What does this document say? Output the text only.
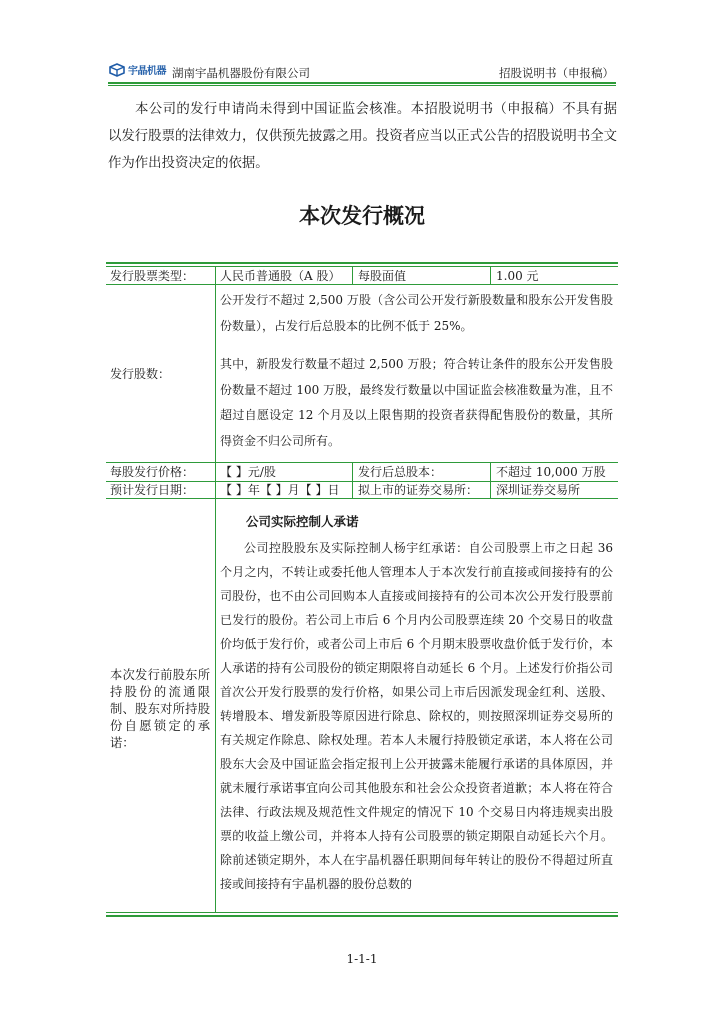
宇晶机器 湖南宇晶机器股份有限公司	招股说明书（申报稿）

本公司的发行申请尚未得到中国证监会核准。本招股说明书（申报稿）不具有据以发行股票的法律效力，仅供预先披露之用。投资者应当以正式公告的招股说明书全文作为作出投资决定的依据。

本次发行概况
发行股票类型： 人民币普通股（A 股） 每股面值	1.00 元
发行股数：

公开发行不超过 2,500 万股（含公司公开发行新股数量和股东公开发售股份数量），占发行后总股本的比例不低于 25%。

其中，新股发行数量不超过 2,500 万股；符合转让条件的股东公开发售股份数量不超过 100 万股，最终发行数量以中国证监会核准数量为准，且不超过自愿设定 12 个月及以上限售期的投资者获得配售股份的数量，其所得资金不归公司所有。

每股发行价格： 【 】元/股	发行后总股本：	不超过 10,000 万股
预计发行日期： 【 】年【 】月【 】日 拟上市的证券交易所： 深圳证券交易所
本次发行前股东所持股份的流通限制、股东对所持股份自愿锁定的承诺：
公司实际控制人承诺

公司控股股东及实际控制人杨宇红承诺：自公司股票上市之日起 36 个月之内，不转让或委托他人管理本人于本次发行前直接或间接持有的公司股份，也不由公司回购本人直接或间接持有的公司本次公开发行股票前已发行的股份。若公司上市后 6 个月内公司股票连续 20 个交易日的收盘价均低于发行价，或者公司上市后 6 个月期末股票收盘价低于发行价，本人承诺的持有公司股份的锁定期限将自动延长 6 个月。上述发行价指公司首次公开发行股票的发行价格，如果公司上市后因派发现金红利、送股、转增股本、增发新股等原因进行除息、除权的，则按照深圳证券交易所的有关规定作除息、除权处理。若本人未履行持股锁定承诺，本人将在公司股东大会及中国证监会指定报刊上公开披露未能履行承诺的具体原因，并就未履行承诺事宜向公司其他股东和社会公众投资者道歉；本人将在符合法律、行政法规及规范性文件规定的情况下 10 个交易日内将违规卖出股票的收益上缴公司，并将本人持有公司股票的锁定期限自动延长六个月。除前述锁定期外，本人在宇晶机器任职期间每年转让的股份不得超过所直接或间接持有宇晶机器的股份总数的

1-1-1
